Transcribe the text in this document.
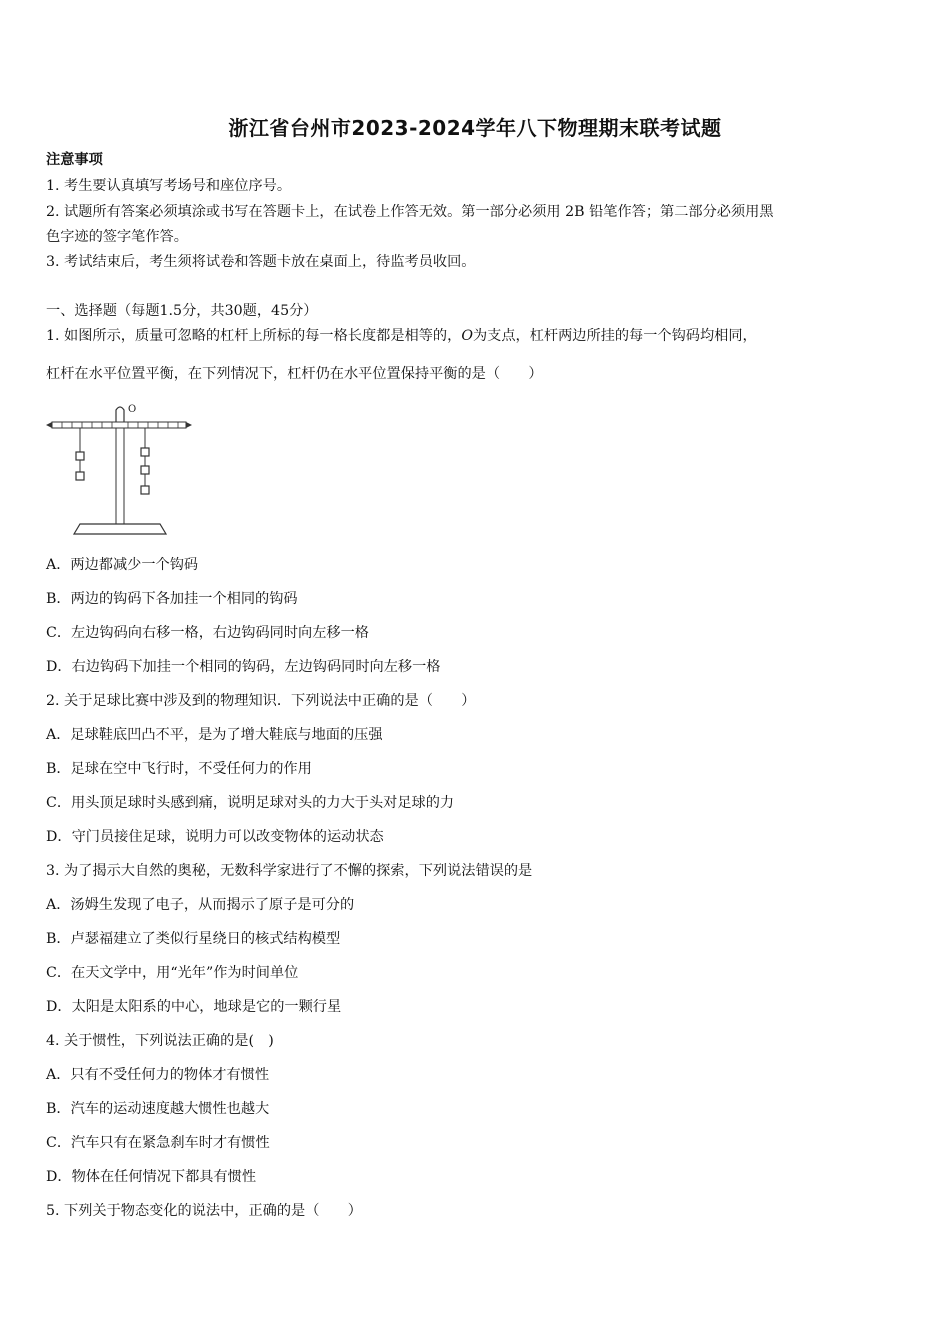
浙江省台州市2023-2024学年八下物理期末联考试题
注意事项
1. 考生要认真填写考场号和座位序号。
2. 试题所有答案必须填涂或书写在答题卡上，在试卷上作答无效。第一部分必须用 2B 铅笔作答；第二部分必须用黑
色字迹的签字笔作答。
3. 考试结束后，考生须将试卷和答题卡放在桌面上，待监考员收回。
一、选择题（每题1.5分，共30题，45分）
1. 如图所示，质量可忽略的杠杆上所标的每一格长度都是相等的，O为支点，杠杆两边所挂的每一个钩码均相同，
杠杆在水平位置平衡，在下列情况下，杠杆仍在水平位置保持平衡的是（　　）
O
A．两边都减少一个钩码
B．两边的钩码下各加挂一个相同的钩码
C．左边钩码向右移一格，右边钩码同时向左移一格
D．右边钩码下加挂一个相同的钩码，左边钩码同时向左移一格
2. 关于足球比赛中涉及到的物理知识．下列说法中正确的是（　　）
A．足球鞋底凹凸不平，是为了增大鞋底与地面的压强
B．足球在空中飞行时，不受任何力的作用
C．用头顶足球时头感到痛，说明足球对头的力大于头对足球的力
D．守门员接住足球，说明力可以改变物体的运动状态
3. 为了揭示大自然的奥秘，无数科学家进行了不懈的探索，下列说法错误的是
A．汤姆生发现了电子，从而揭示了原子是可分的
B．卢瑟福建立了类似行星绕日的核式结构模型
C．在天文学中，用“光年”作为时间单位
D．太阳是太阳系的中心，地球是它的一颗行星
4. 关于惯性，下列说法正确的是(　)
A．只有不受任何力的物体才有惯性
B．汽车的运动速度越大惯性也越大
C．汽车只有在紧急刹车时才有惯性
D．物体在任何情况下都具有惯性
5. 下列关于物态变化的说法中，正确的是（　　）
